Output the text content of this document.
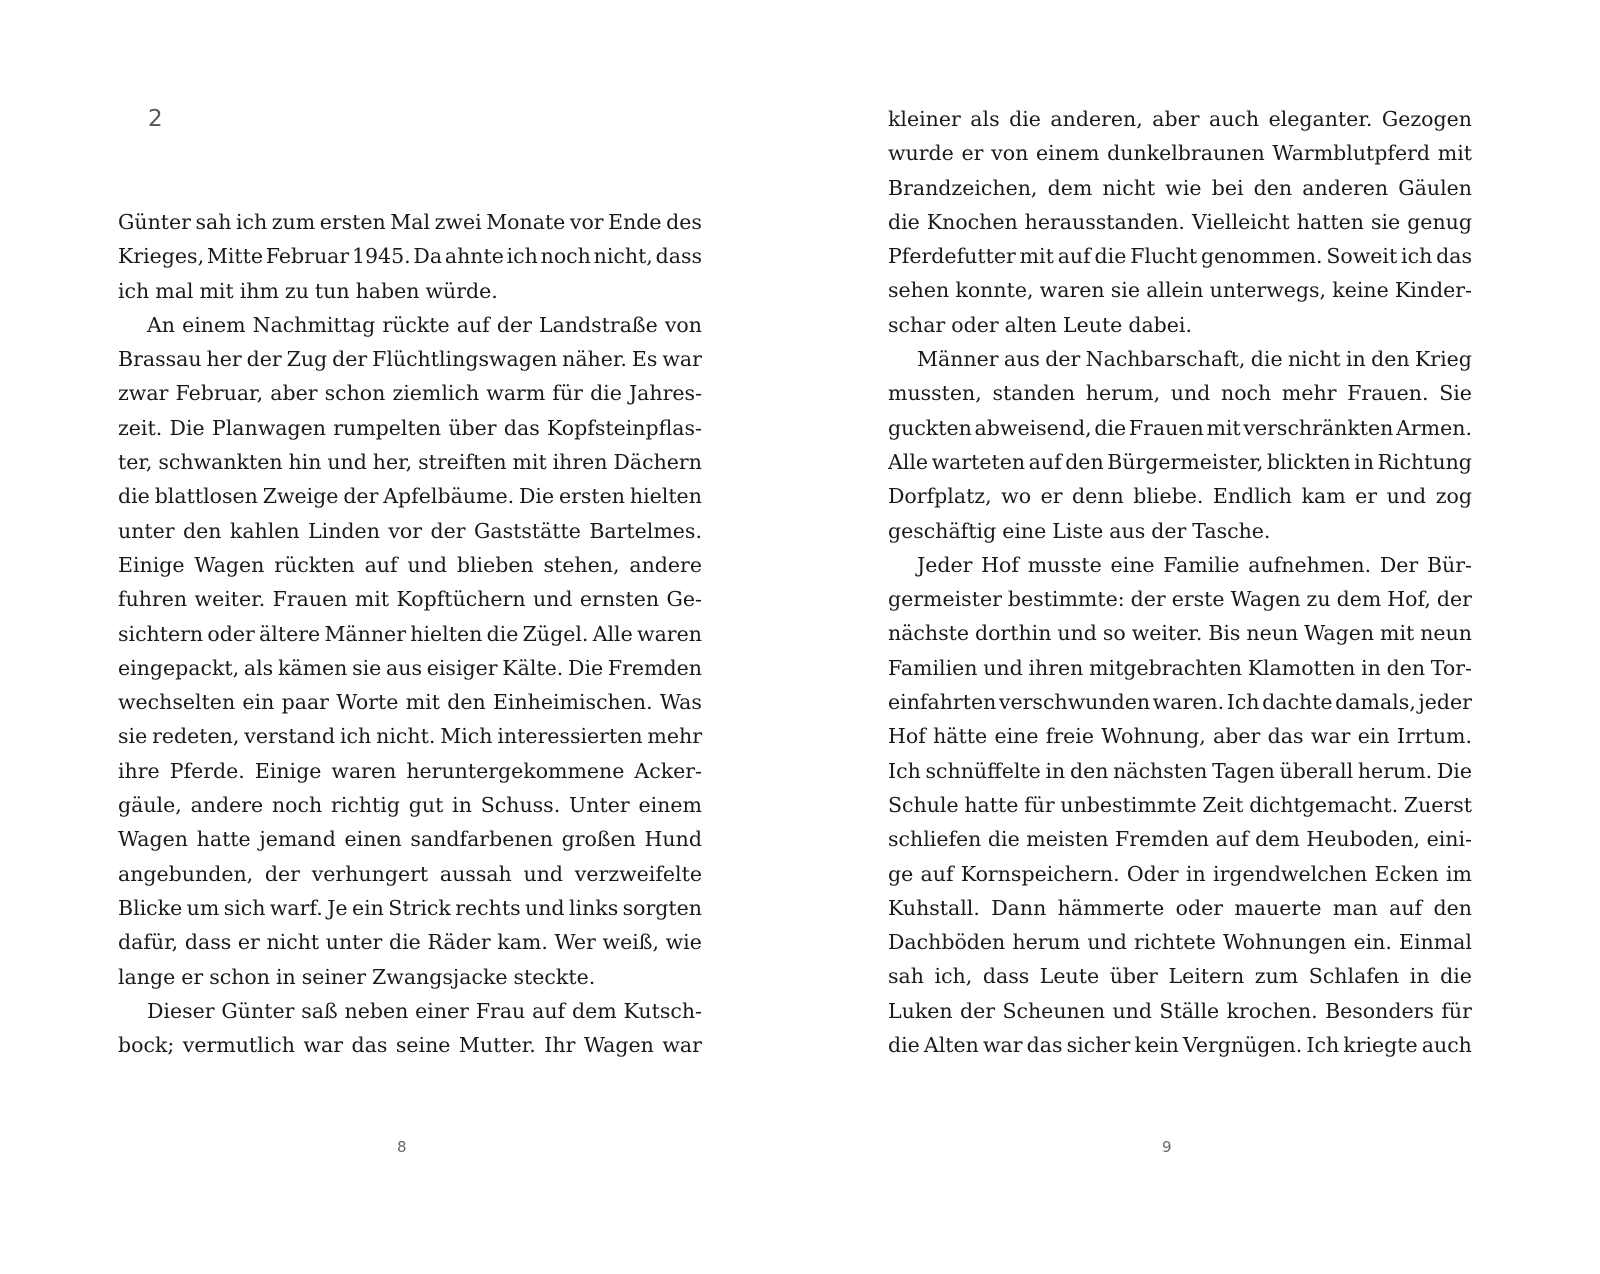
2
Günter sah ich zum ersten Mal zwei Monate vor Ende des
Krieges, Mitte Februar 1945. Da ahnte ich noch nicht, dass
ich mal mit ihm zu tun haben würde.
An einem Nachmittag rückte auf der Landstraße von
Brassau her der Zug der Flüchtlingswagen näher. Es war
zwar Februar, aber schon ziemlich warm für die Jahres-
zeit. Die Planwagen rumpelten über das Kopfsteinpflas-
ter, schwankten hin und her, streiften mit ihren Dächern
die blattlosen Zweige der Apfelbäume. Die ersten hielten
unter den kahlen Linden vor der Gaststätte Bartelmes.
Einige Wagen rückten auf und blieben stehen, andere
fuhren weiter. Frauen mit Kopftüchern und ernsten Ge-
sichtern oder ältere Männer hielten die Zügel. Alle waren
eingepackt, als kämen sie aus eisiger Kälte. Die Fremden
wechselten ein paar Worte mit den Einheimischen. Was
sie redeten, verstand ich nicht. Mich interessierten mehr
ihre Pferde. Einige waren heruntergekommene Acker-
gäule, andere noch richtig gut in Schuss. Unter einem
Wagen hatte jemand einen sandfarbenen großen Hund
angebunden, der verhungert aussah und verzweifelte
Blicke um sich warf. Je ein Strick rechts und links sorgten
dafür, dass er nicht unter die Räder kam. Wer weiß, wie
lange er schon in seiner Zwangsjacke steckte.
Dieser Günter saß neben einer Frau auf dem Kutsch-
bock; vermutlich war das seine Mutter. Ihr Wagen war
8
kleiner als die anderen, aber auch eleganter. Gezogen
wurde er von einem dunkelbraunen Warmblutpferd mit
Brandzeichen, dem nicht wie bei den anderen Gäulen
die Knochen herausstanden. Vielleicht hatten sie genug
Pferdefutter mit auf die Flucht genommen. Soweit ich das
sehen konnte, waren sie allein unterwegs, keine Kinder-
schar oder alten Leute dabei.
Männer aus der Nachbarschaft, die nicht in den Krieg
mussten, standen herum, und noch mehr Frauen. Sie
guckten abweisend, die Frauen mit verschränkten Armen.
Alle warteten auf den Bürgermeister, blickten in Richtung
Dorfplatz, wo er denn bliebe. Endlich kam er und zog
geschäftig eine Liste aus der Tasche.
Jeder Hof musste eine Familie aufnehmen. Der Bür-
germeister bestimmte: der erste Wagen zu dem Hof, der
nächste dorthin und so weiter. Bis neun Wagen mit neun
Familien und ihren mitgebrachten Klamotten in den Tor-
einfahrten verschwunden waren. Ich dachte damals, jeder
Hof hätte eine freie Wohnung, aber das war ein Irrtum.
Ich schnüffelte in den nächsten Tagen überall herum. Die
Schule hatte für unbestimmte Zeit dichtgemacht. Zuerst
schliefen die meisten Fremden auf dem Heuboden, eini-
ge auf Kornspeichern. Oder in irgendwelchen Ecken im
Kuhstall. Dann hämmerte oder mauerte man auf den
Dachböden herum und richtete Wohnungen ein. Einmal
sah ich, dass Leute über Leitern zum Schlafen in die
Luken der Scheunen und Ställe krochen. Besonders für
die Alten war das sicher kein Vergnügen. Ich kriegte auch
9
